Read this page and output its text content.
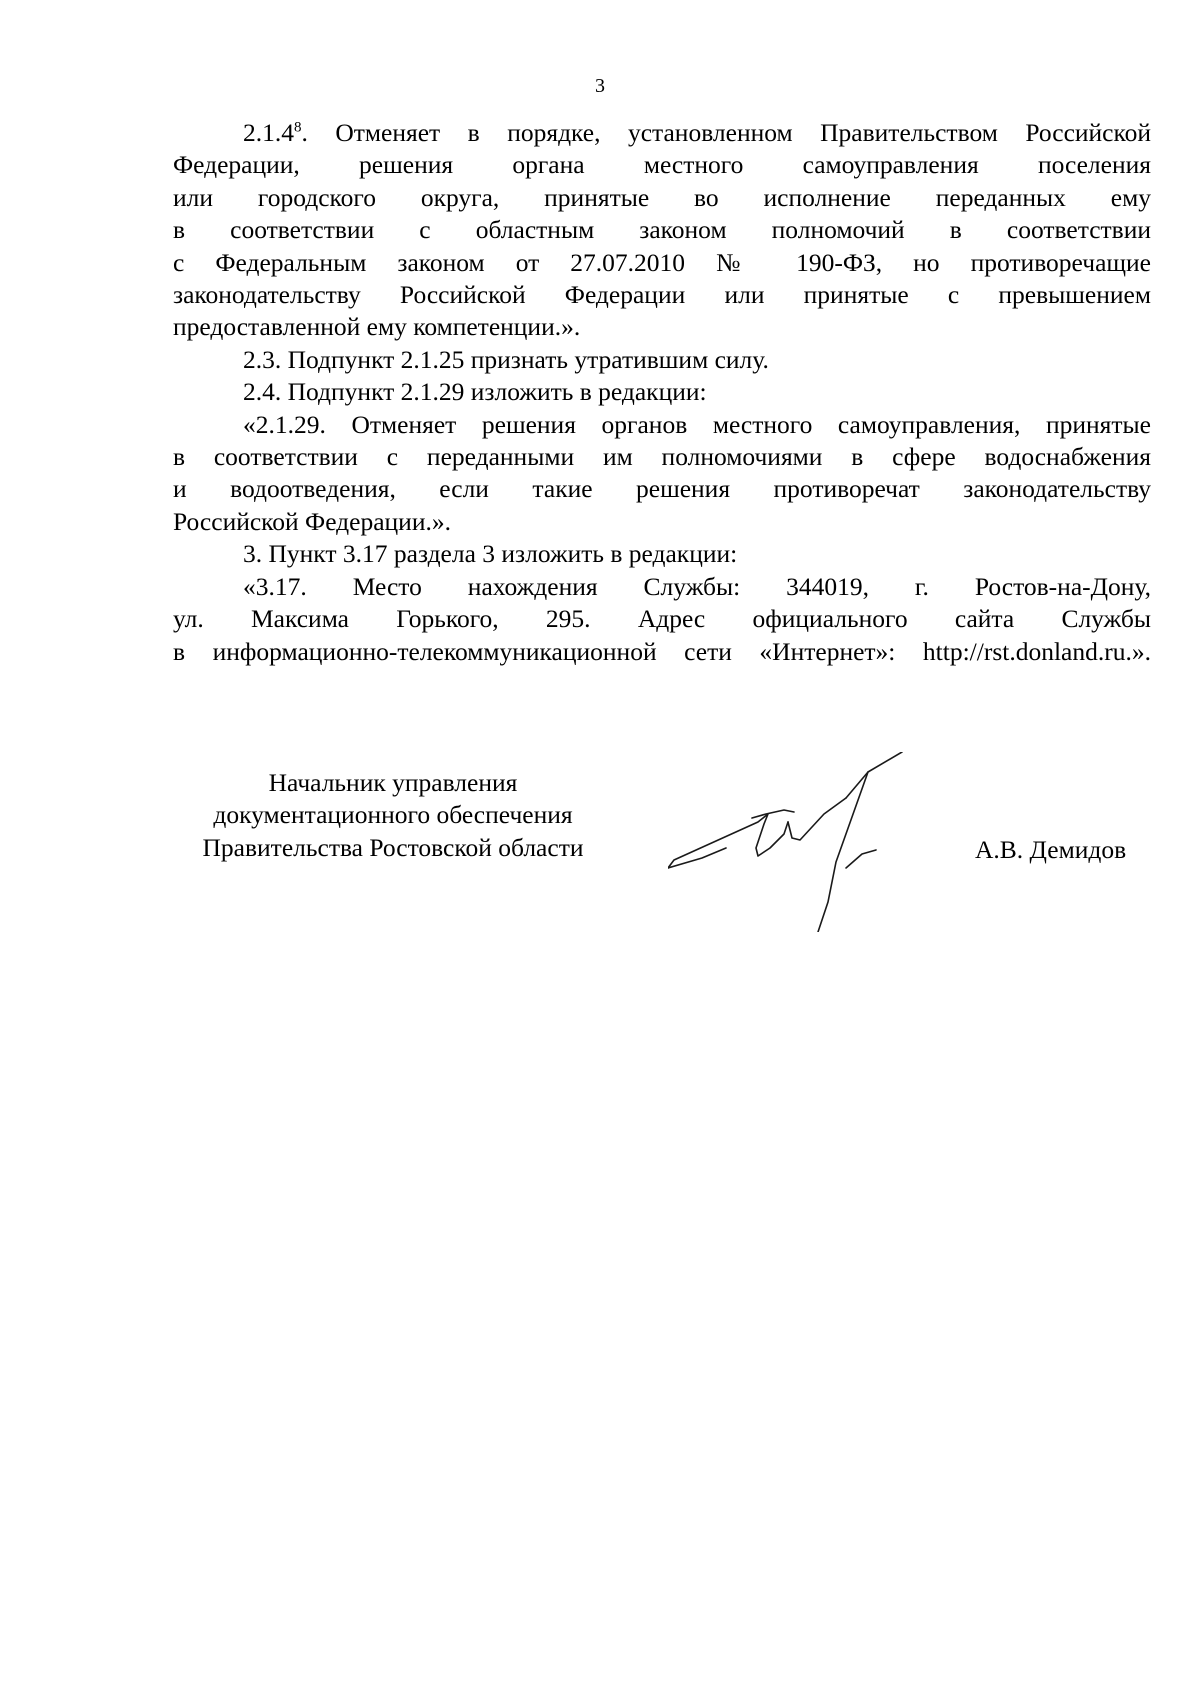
3

2.1.4$^8$. Отменяет в порядке, установленном Правительством Российской
Федерации, решения органа местного самоуправления поселения
или городского округа, принятые во исполнение переданных ему
в соответствии с областным законом полномочий в соответствии
с Федеральным законом от 27.07.2010 № 190-ФЗ, но противоречащие
законодательству Российской Федерации или принятые с превышением
предоставленной ему компетенции.».

2.3. Подпункт 2.1.25 признать утратившим силу.

2.4. Подпункт 2.1.29 изложить в редакции:

«2.1.29. Отменяет решения органов местного самоуправления, принятые
в соответствии с переданными им полномочиями в сфере водоснабжения
и водоотведения, если такие решения противоречат законодательству
Российской Федерации.».

3. Пункт 3.17 раздела 3 изложить в редакции:

«3.17. Место нахождения Службы: 344019, г. Ростов-на-Дону,
ул. Максима Горького, 295. Адрес официального сайта Службы
в информационно-телекоммуникационной сети «Интернет»: http://rst.donland.ru.».

Начальник управления
документационного обеспечения
Правительства Ростовской области	А.В. Демидов
